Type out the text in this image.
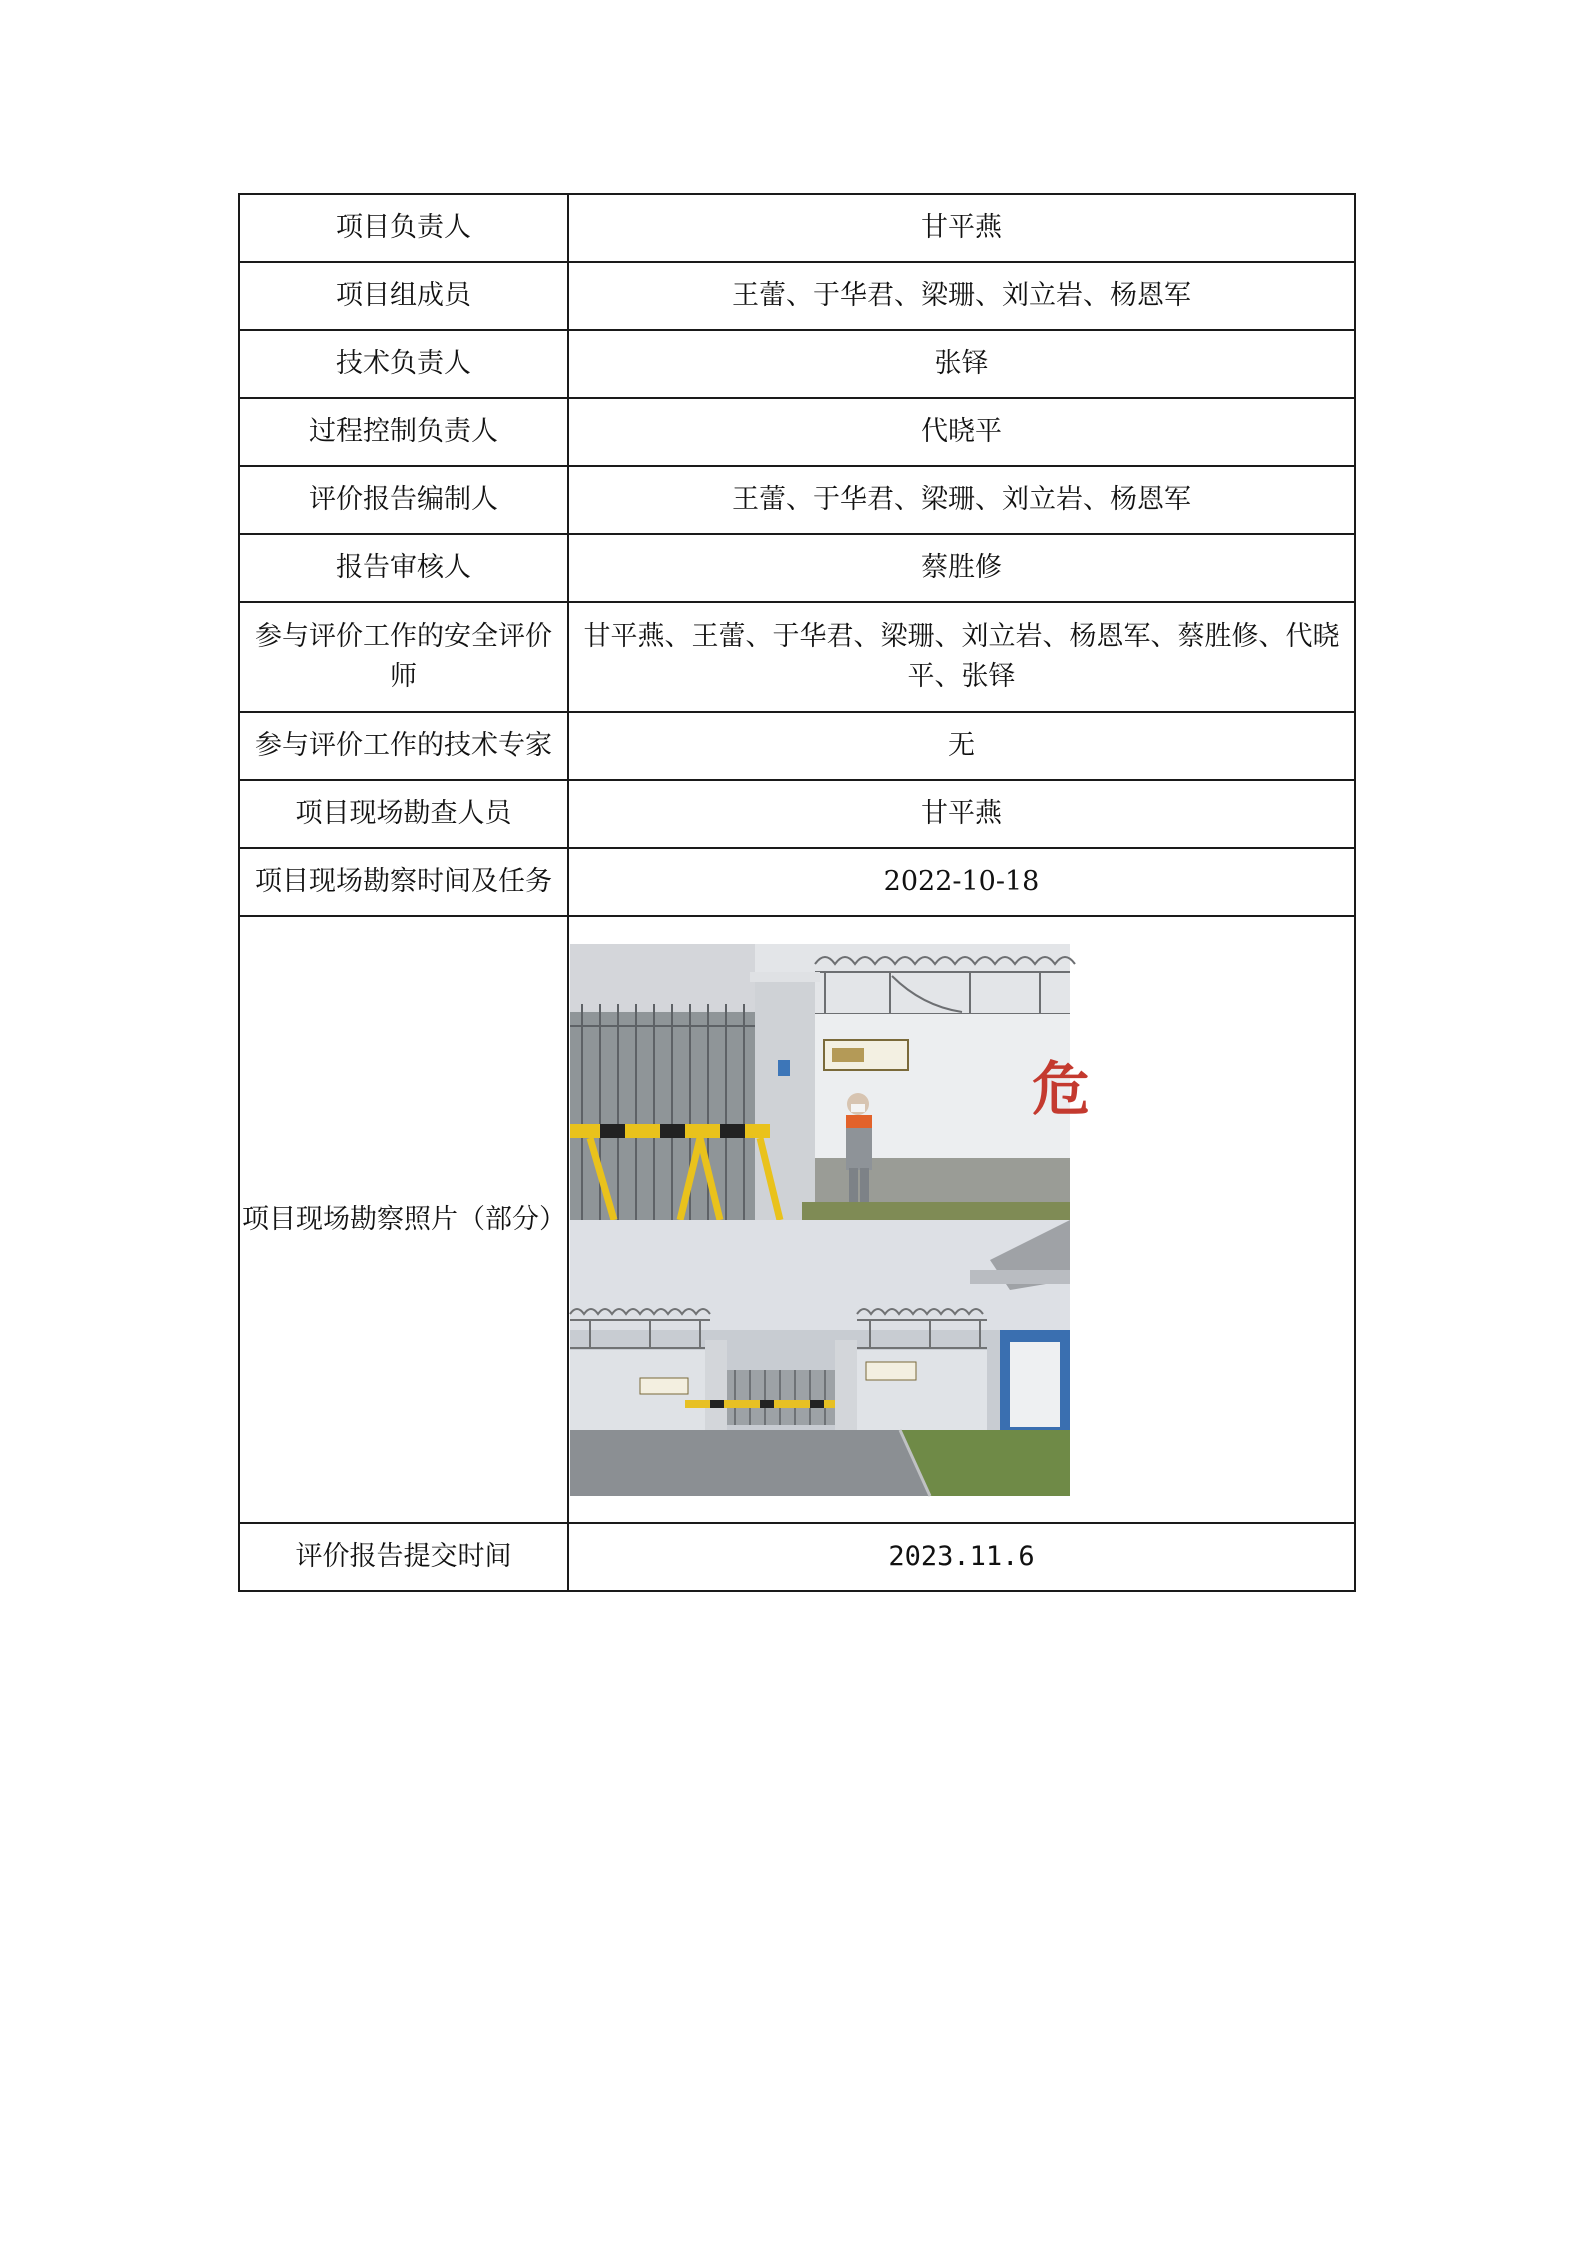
项目负责人	甘平燕
项目组成员	王蕾、于华君、梁珊、刘立岩、杨恩军
技术负责人	张铎
过程控制负责人	代晓平
评价报告编制人	王蕾、于华君、梁珊、刘立岩、杨恩军
报告审核人	蔡胜修
参与评价工作的安全评价师	甘平燕、王蕾、于华君、梁珊、刘立岩、杨恩军、蔡胜修、代晓平、张铎
参与评价工作的技术专家	无
项目现场勘查人员	甘平燕
项目现场勘察时间及任务	2022-10-18
项目现场勘察照片（部分）	危

评价报告提交时间	2023.11.6
